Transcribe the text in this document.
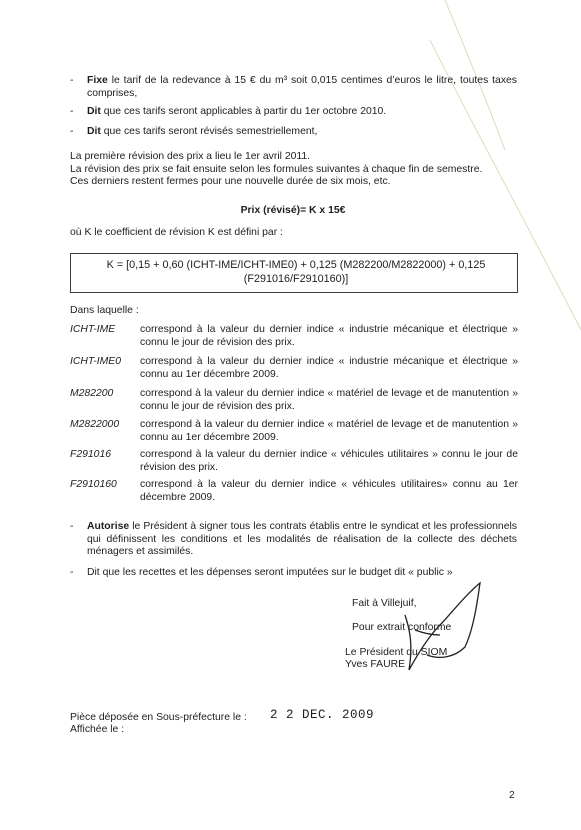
- Fixe le tarif de la redevance à 15 € du m³ soit 0,015 centimes d’euros le litre, toutes taxes comprises,
- Dit que ces tarifs seront applicables à partir du 1er octobre 2010.
- Dit que ces tarifs seront révisés semestriellement,
La première révision des prix a lieu le 1er avril 2011.
La révision des prix se fait ensuite selon les formules suivantes à chaque fin de semestre.
Ces derniers restent fermes pour une nouvelle durée de six mois, etc.
Prix (révisé)= K x 15€
où K le coefficient de révision K est défini par :
K = [0,15 + 0,60 (ICHT-IME/ICHT-IME0) + 0,125 (M282200/M2822000) + 0,125 (F291016/F2910160)]
Dans laquelle :
ICHT-IME correspond à la valeur du dernier indice « industrie mécanique et électrique » connu le jour de révision des prix.
ICHT-IME0 correspond à la valeur du dernier indice « industrie mécanique et électrique » connu au 1er décembre 2009.
M282200	correspond à la valeur du dernier indice « matériel de levage et de manutention » connu le jour de révision des prix.
M2822000 correspond à la valeur du dernier indice « matériel de levage et de manutention » connu au 1er décembre 2009.
F291016	correspond à la valeur du dernier indice « véhicules utilitaires » connu le jour de révision des prix.
F2910160 correspond à la valeur du dernier indice « véhicules utilitaires» connu au 1er décembre 2009.
- Autorise le Président à signer tous les contrats établis entre le syndicat et les professionnels qui définissent les conditions et les modalités de réalisation de la collecte des déchets ménagers et assimilés.
- Dit que les recettes et les dépenses seront imputées sur le budget dit « public »
Fait à Villejuif,
Pour extrait conforme
Le Président du SIOM
Yves FAURE
Pièce déposée en Sous-préfecture le : 2 2 DEC. 2009
Affichée le :
2
